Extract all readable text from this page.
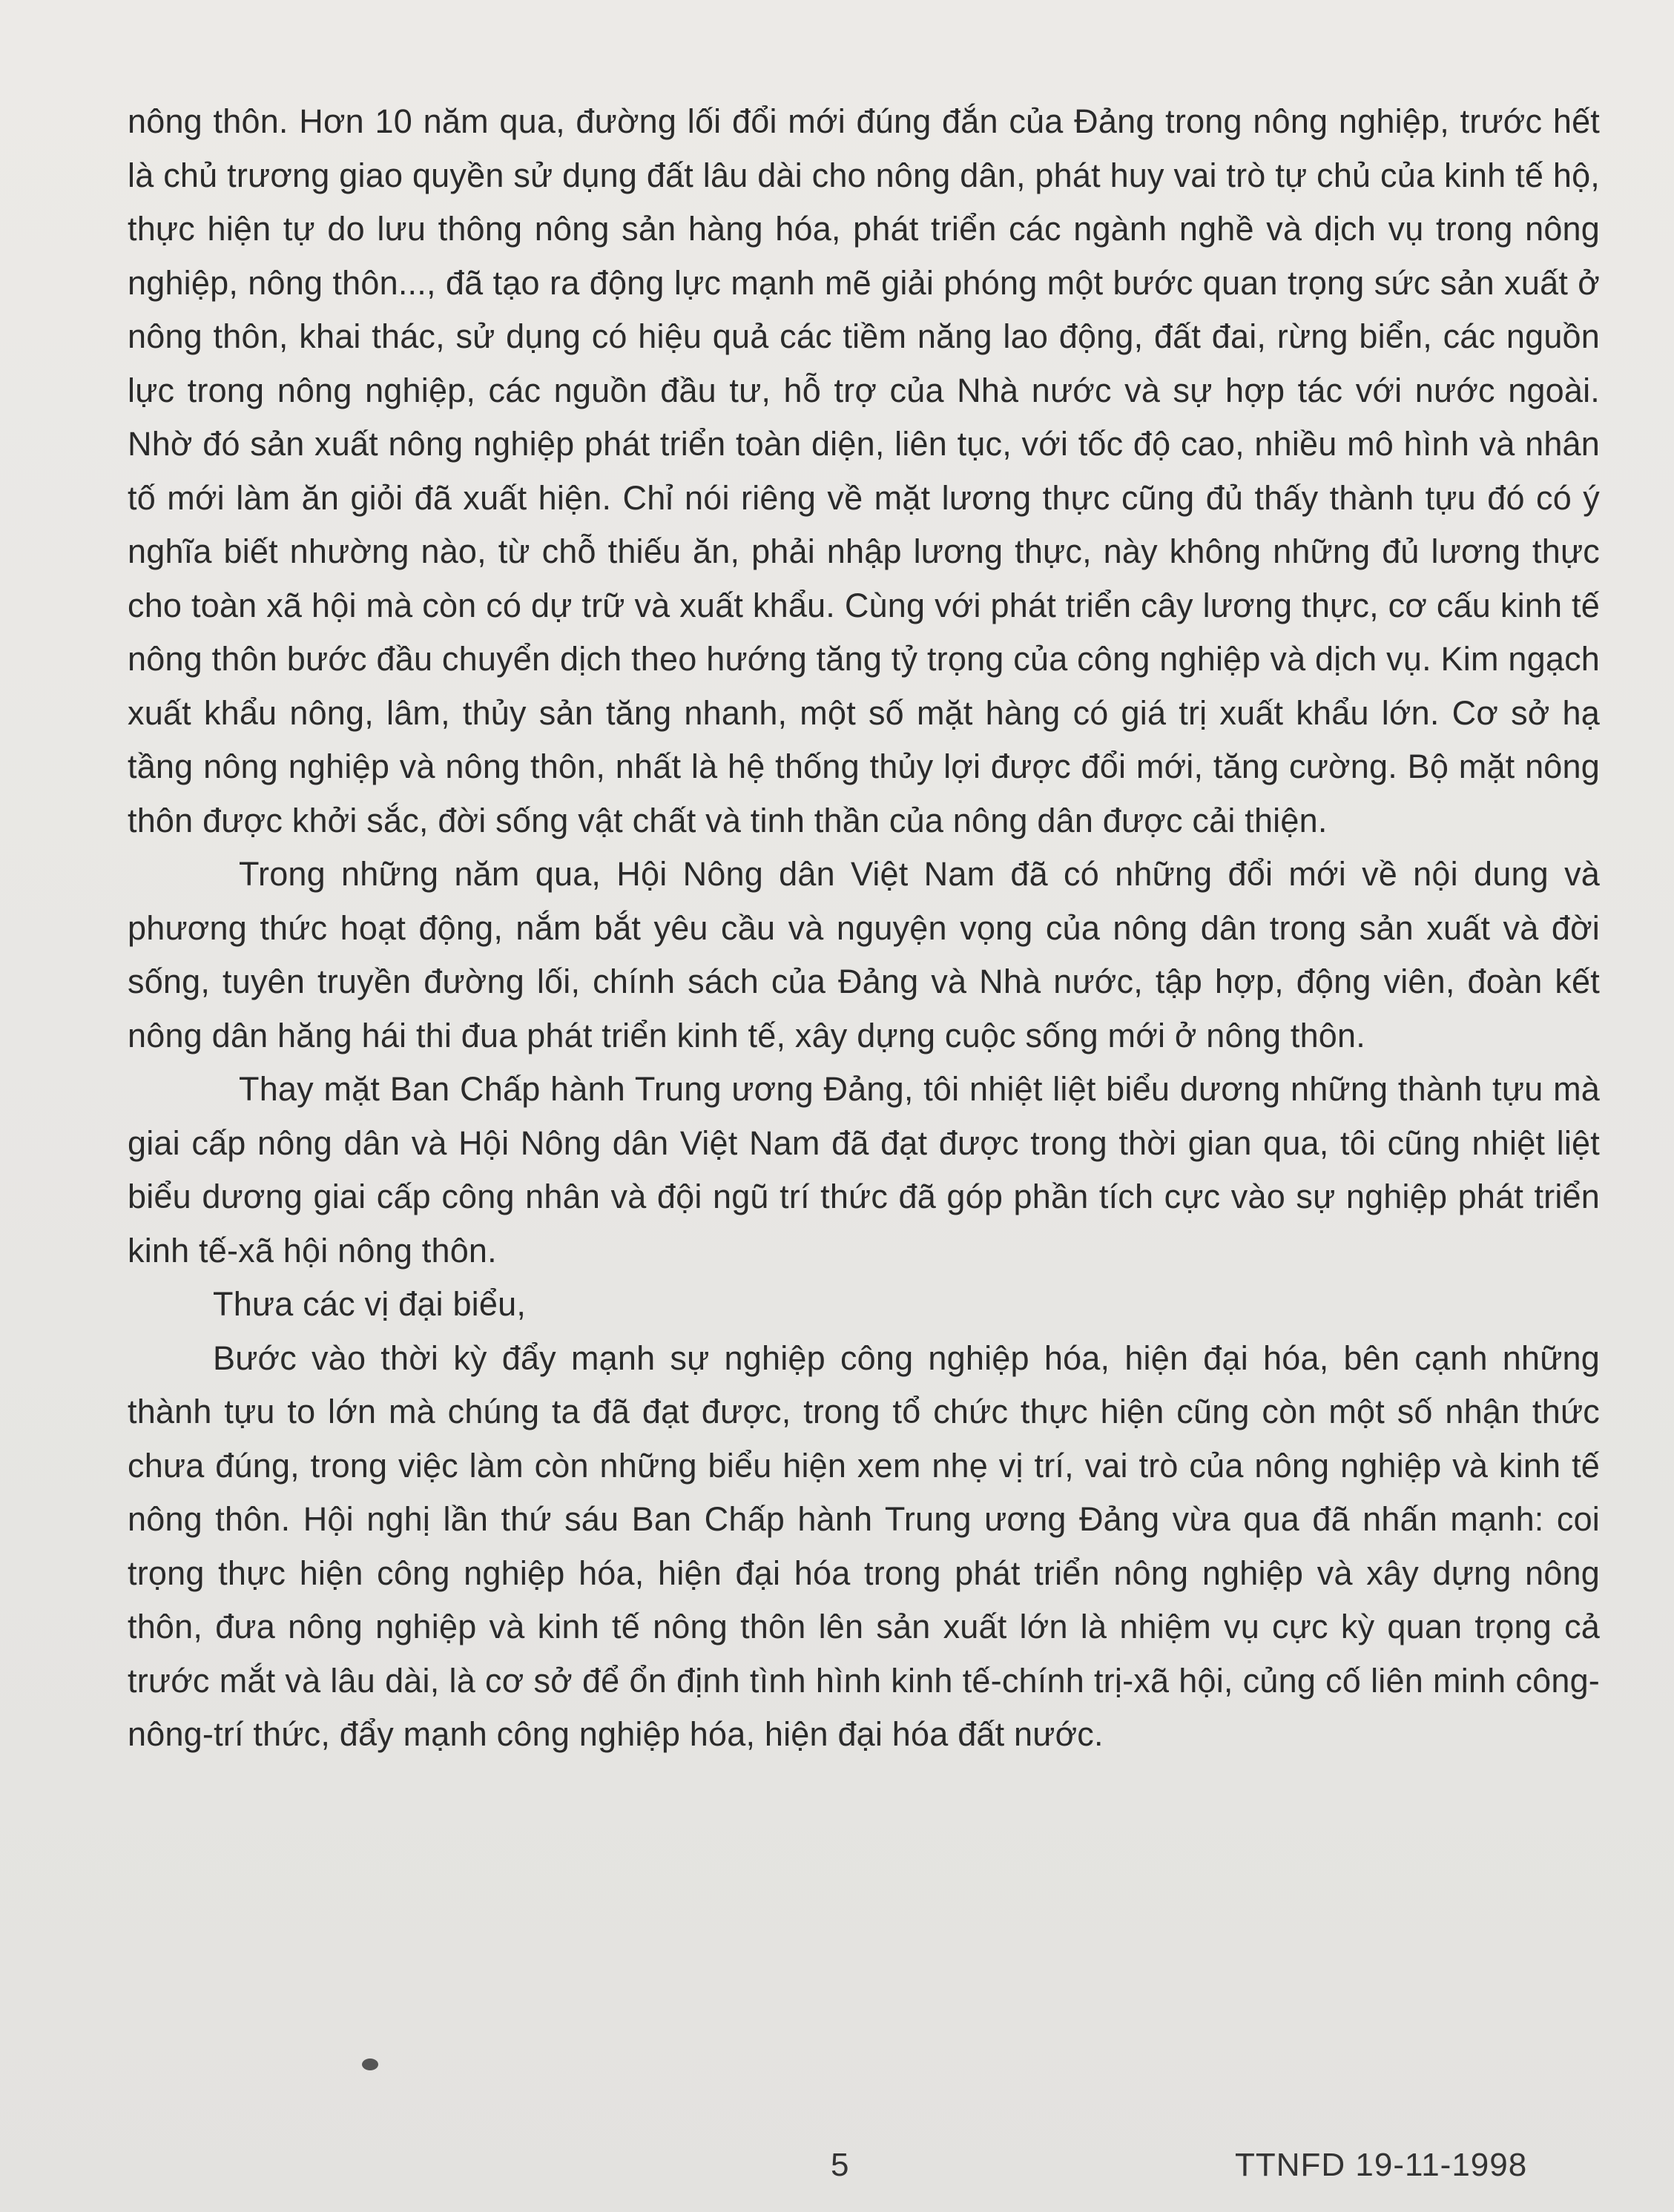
nông thôn. Hơn 10 năm qua, đường lối đổi mới đúng đắn của Đảng trong nông nghiệp, trước hết là chủ trương giao quyền sử dụng đất lâu dài cho nông dân, phát huy vai trò tự chủ của kinh tế hộ, thực hiện tự do lưu thông nông sản hàng hóa, phát triển các ngành nghề và dịch vụ trong nông nghiệp, nông thôn..., đã tạo ra động lực mạnh mẽ giải phóng một bước quan trọng sức sản xuất ở nông thôn, khai thác, sử dụng có hiệu quả các tiềm năng lao động, đất đai, rừng biển, các nguồn lực trong nông nghiệp, các nguồn đầu tư, hỗ trợ của Nhà nước và sự hợp tác với nước ngoài. Nhờ đó sản xuất nông nghiệp phát triển toàn diện, liên tục, với tốc độ cao, nhiều mô hình và nhân tố mới làm ăn giỏi đã xuất hiện. Chỉ nói riêng về mặt lương thực cũng đủ thấy thành tựu đó có ý nghĩa biết nhường nào, từ chỗ thiếu ăn, phải nhập lương thực, này không những đủ lương thực cho toàn xã hội mà còn có dự trữ và xuất khẩu. Cùng với phát triển cây lương thực, cơ cấu kinh tế nông thôn bước đầu chuyển dịch theo hướng tăng tỷ trọng của công nghiệp và dịch vụ. Kim ngạch xuất khẩu nông, lâm, thủy sản tăng nhanh, một số mặt hàng có giá trị xuất khẩu lớn. Cơ sở hạ tầng nông nghiệp và nông thôn, nhất là hệ thống thủy lợi được đổi mới, tăng cường. Bộ mặt nông thôn được khởi sắc, đời sống vật chất và tinh thần của nông dân được cải thiện.

Trong những năm qua, Hội Nông dân Việt Nam đã có những đổi mới về nội dung và phương thức hoạt động, nắm bắt yêu cầu và nguyện vọng của nông dân trong sản xuất và đời sống, tuyên truyền đường lối, chính sách của Đảng và Nhà nước, tập hợp, động viên, đoàn kết nông dân hăng hái thi đua phát triển kinh tế, xây dựng cuộc sống mới ở nông thôn.

Thay mặt Ban Chấp hành Trung ương Đảng, tôi nhiệt liệt biểu dương những thành tựu mà giai cấp nông dân và Hội Nông dân Việt Nam đã đạt được trong thời gian qua, tôi cũng nhiệt liệt biểu dương giai cấp công nhân và đội ngũ trí thức đã góp phần tích cực vào sự nghiệp phát triển kinh tế-xã hội nông thôn.

Thưa các vị đại biểu,

Bước vào thời kỳ đẩy mạnh sự nghiệp công nghiệp hóa, hiện đại hóa, bên cạnh những thành tựu to lớn mà chúng ta đã đạt được, trong tổ chức thực hiện cũng còn một số nhận thức chưa đúng, trong việc làm còn những biểu hiện xem nhẹ vị trí, vai trò của nông nghiệp và kinh tế nông thôn. Hội nghị lần thứ sáu Ban Chấp hành Trung ương Đảng vừa qua đã nhấn mạnh: coi trọng thực hiện công nghiệp hóa, hiện đại hóa trong phát triển nông nghiệp và xây dựng nông thôn, đưa nông nghiệp và kinh tế nông thôn lên sản xuất lớn là nhiệm vụ cực kỳ quan trọng cả trước mắt và lâu dài, là cơ sở để ổn định tình hình kinh tế-chính trị-xã hội, củng cố liên minh công-nông-trí thức, đẩy mạnh công nghiệp hóa, hiện đại hóa đất nước.

5	TTNFD 19-11-1998
